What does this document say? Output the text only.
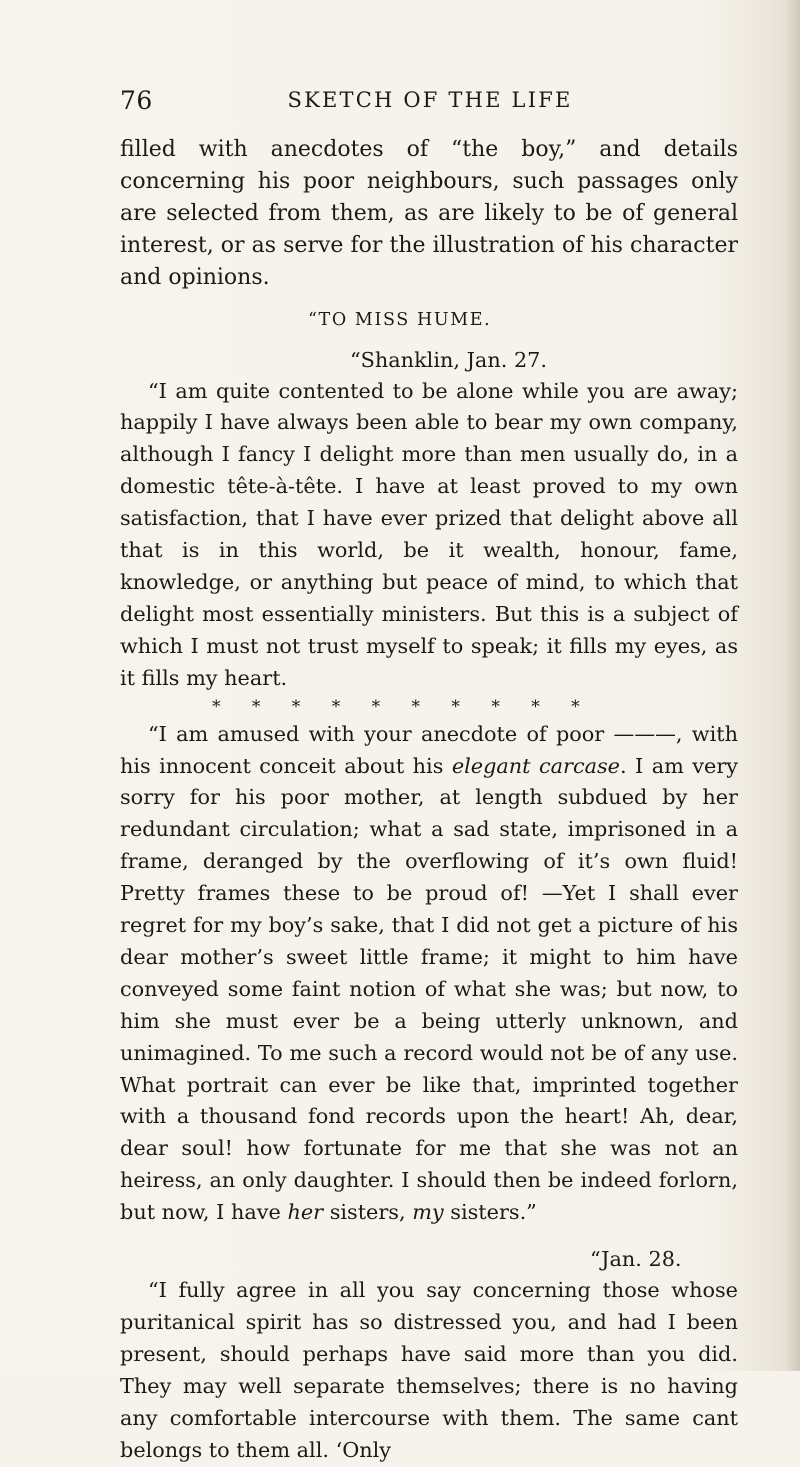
76	SKETCH OF THE LIFE

filled with anecdotes of “the boy,” and details concerning his poor neighbours, such passages only are selected from them, as are likely to be of general interest, or as serve for the illustration of his character and opinions.

“TO MISS HUME.

“Shanklin, Jan. 27.

“I am quite contented to be alone while you are away; happily I have always been able to bear my own company, although I fancy I delight more than men usually do, in a domestic tête-à-tête. I have at least proved to my own satisfaction, that I have ever prized that delight above all that is in this world, be it wealth, honour, fame, knowledge, or anything but peace of mind, to which that delight most essentially ministers. But this is a subject of which I must not trust myself to speak; it fills my eyes, as it fills my heart.

* * * * * * * * * *

“I am amused with your anecdote of poor ———, with his innocent conceit about his elegant carcase. I am very sorry for his poor mother, at length subdued by her redundant circulation; what a sad state, imprisoned in a frame, deranged by the overflowing of it’s own fluid! Pretty frames these to be proud of! —Yet I shall ever regret for my boy’s sake, that I did not get a picture of his dear mother’s sweet little frame; it might to him have conveyed some faint notion of what she was; but now, to him she must ever be a being utterly unknown, and unimagined. To me such a record would not be of any use. What portrait can ever be like that, imprinted together with a thousand fond records upon the heart! Ah, dear, dear soul! how fortunate for me that she was not an heiress, an only daughter. I should then be indeed forlorn, but now, I have her sisters, my sisters.”

“Jan. 28.

“I fully agree in all you say concerning those whose puritanical spirit has so distressed you, and had I been present, should perhaps have said more than you did. They may well separate themselves; there is no having any comfortable intercourse with them. The same cant belongs to them all. ‘Only
